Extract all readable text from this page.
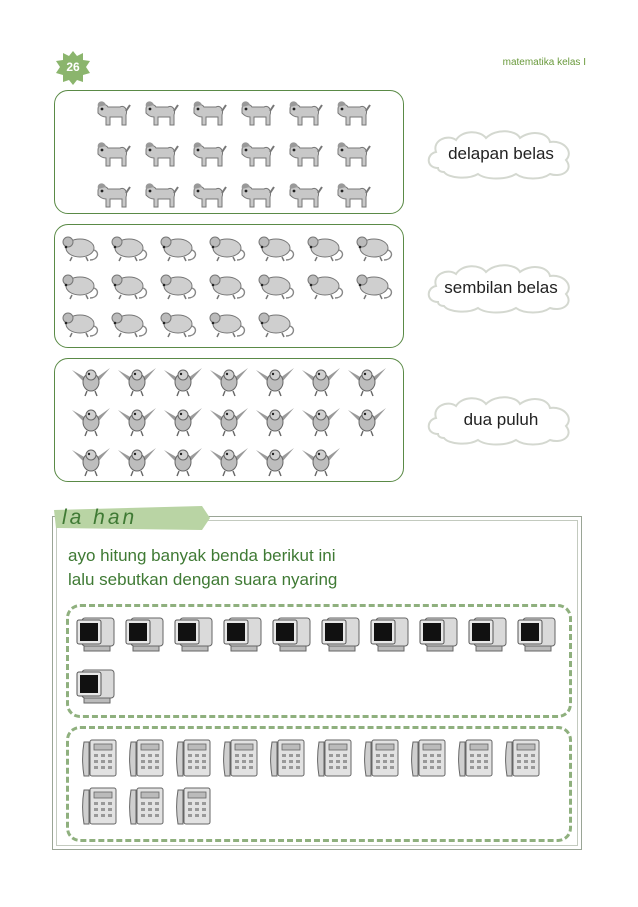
26	matematika kelas I
delapan belas
sembilan belas
dua puluh
la han
ayo hitung banyak benda berikut ini
lalu sebutkan dengan suara nyaring
